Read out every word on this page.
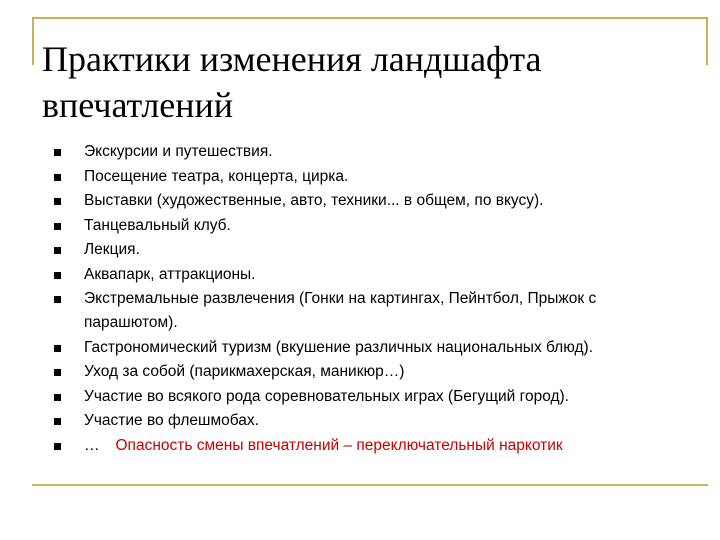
Практики изменения ландшафта впечатлений
Экскурсии и путешествия.
Посещение театра, концерта, цирка.
Выставки (художественные, авто, техники... в общем, по вкусу).
Танцевальный клуб.
Лекция.
Аквапарк, аттракционы.
Экстремальные развлечения (Гонки на картингах, Пейнтбол, Прыжок с парашютом).
Гастрономический туризм (вкушение различных национальных блюд).
Уход за собой (парикмахерская, маникюр…)
Участие во всякого рода соревновательных играх (Бегущий город).
Участие во флешмобах.
… Опасность смены впечатлений – переключательный наркотик
